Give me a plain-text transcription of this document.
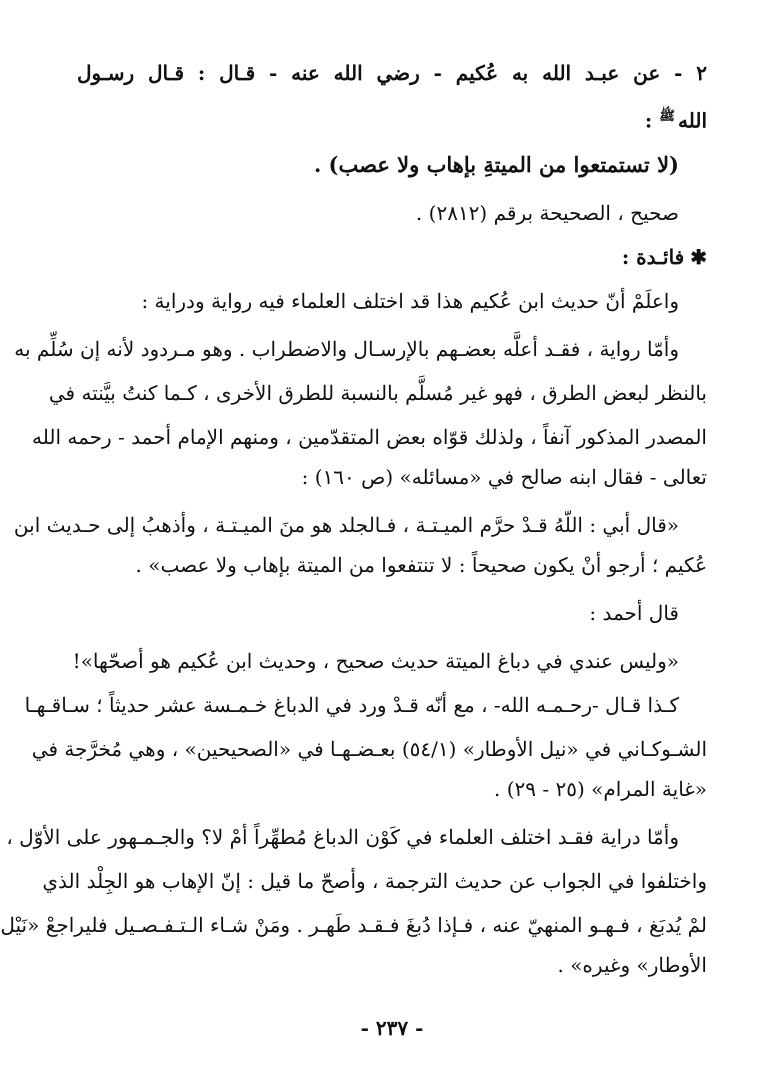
٢ - عن عبـد الله به عُكيم - رضي الله عنه - قـال : قـال رسـول
اللهﷺ :
(لا تستمتعوا من الميتةِ بإهاب ولا عصب) .
صحيح ، الصحيحة برقم (٢٨١٢) .
✱فائـدة :
واعلَمْ أنّ حديث ابن عُكيم هذا قد اختلف العلماء فيه رواية ودراية :
وأمّا رواية ، فقـد أعلَّه بعضـهم بالإرسـال والاضطراب . وهو مـردود لأنه إن سُلِّم به
بالنظر لبعض الطرق ، فهو غير مُسلَّم بالنسبة للطرق الأخرى ، كـما كنتُ بيَّنته في
المصدر المذكور آنفاً ، ولذلك قوّاه بعض المتقدّمين ، ومنهم الإمام أحمد - رحمه الله
تعالى - فقال ابنه صالح في «مسائله» (ص ١٦٠) :
«قال أبي : اللّهُ قـدْ حرَّم الميـتـة ، فـالجلد هو منَ الميـتـة ، وأذهبُ إلى حـديث ابن
عُكيم ؛ أرجو أنْ يكون صحيحاً : لا تنتفعوا من الميتة بإهاب ولا عصب» .
قال أحمد :
«وليس عندي في دباغ الميتة حديث صحيح ، وحديث ابن عُكيم هو أصحّها»!
كـذا قـال -رحـمـه الله- ، مع أنّه قـدْ ورد في الدباغ خـمـسة عشر حديثاً ؛ سـاقـهـا
الشـوكـاني في «نيل الأوطار» (٥٤/١) بعـضـهـا في «الصحيحين» ، وهي مُخرَّجة في
«غاية المرام» (٢٥ - ٢٩) .
وأمّا دراية فقـد اختلف العلماء في كَوْن الدباغ مُطهِّراً أمْ لا؟ والجـمـهور على الأوّل ،
واختلفوا في الجواب عن حديث الترجمة ، وأصحّ ما قيل : إنّ الإهاب هو الجِلْد الذي
لمْ يُدبَغ ، فـهـو المنهيّ عنه ، فـإذا دُبغَ فـقـد طَهـر . ومَنْ شـاء الـتـفـصـيل فليراجعْ «نَيْل
الأوطار» وغيره» .
- ٢٣٧ -
